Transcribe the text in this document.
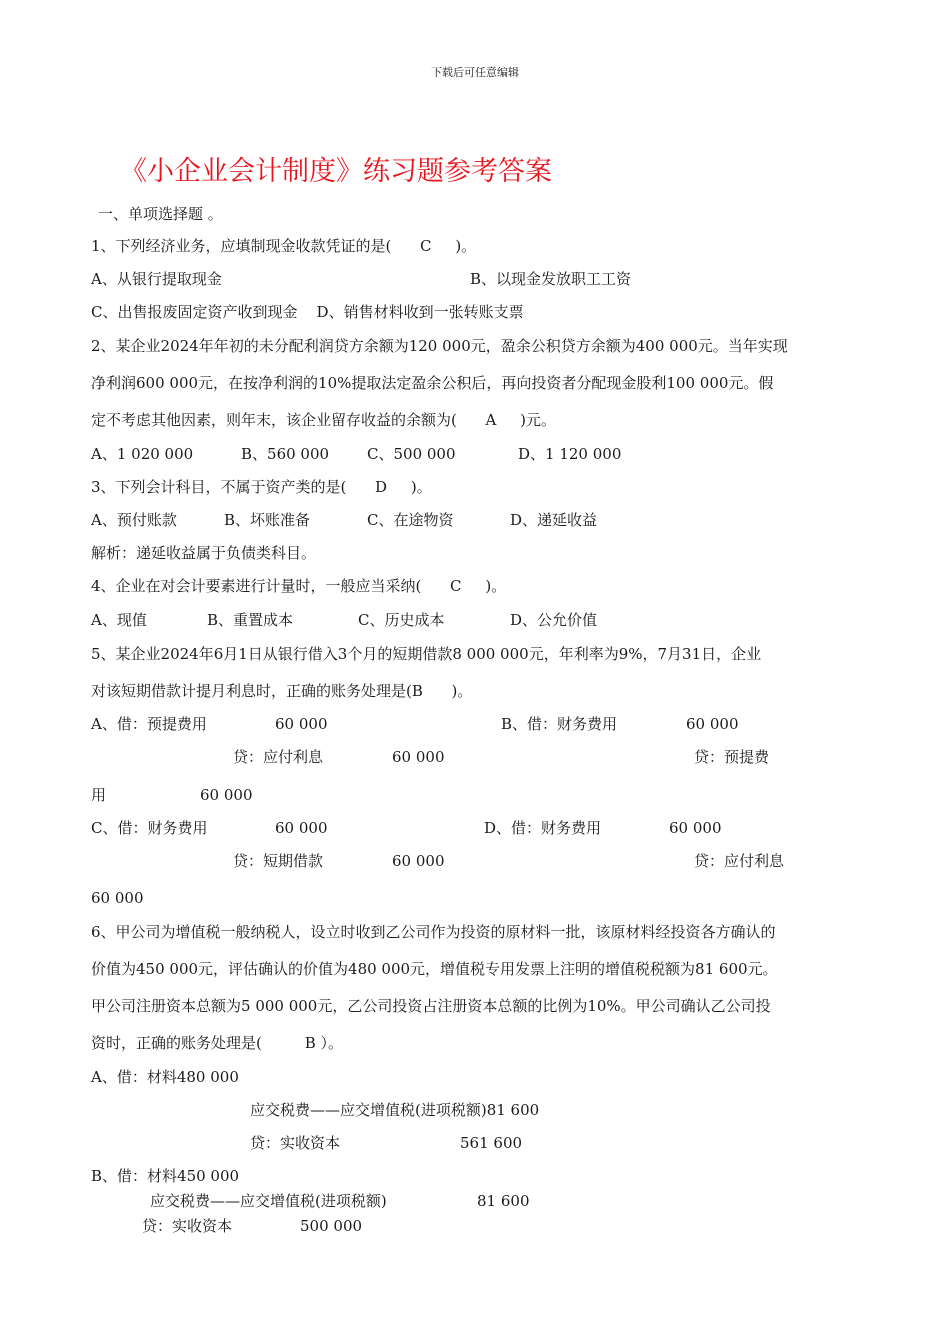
下载后可任意编辑
《小企业会计制度》练习题参考答案
一、单项选择题 。
1、下列经济业务，应填制现金收款凭证的是(      C     )。
A、从银行提取现金	B、以现金发放职工工资
C、出售报废固定资产收到现金    D、销售材料收到一张转账支票
2、某企业2024年年初的未分配利润贷方余额为120 000元，盈余公积贷方余额为400 000元。当年实现
净利润600 000元，在按净利润的10%提取法定盈余公积后，再向投资者分配现金股利100 000元。假
定不考虑其他因素，则年末，该企业留存收益的余额为(      A     )元。
A、1 020 000	B、560 000	C、500 000	D、1 120 000
3、下列会计科目，不属于资产类的是(      D     )。
A、预付账款	B、坏账准备	C、在途物资	D、递延收益
解析：递延收益属于负债类科目。
4、企业在对会计要素进行计量时，一般应当采纳(      C     )。
A、现值	B、重置成本	C、历史成本	D、公允价值
5、某企业2024年6月1日从银行借入3个月的短期借款8 000 000元，年利率为9%，7月31日，企业
对该短期借款计提月利息时，正确的账务处理是(B      )。
A、借：预提费用	60 000	B、借：财务费用	60 000
贷：应付利息	60 000	贷：预提费
用	60 000
C、借：财务费用	60 000	D、借：财务费用	60 000
贷：短期借款	60 000	贷：应付利息
60 000
6、甲公司为增值税一般纳税人，设立时收到乙公司作为投资的原材料一批，该原材料经投资各方确认的
价值为450 000元，评估确认的价值为480 000元，增值税专用发票上注明的增值税税额为81 600元。
甲公司注册资本总额为5 000 000元，乙公司投资占注册资本总额的比例为10%。甲公司确认乙公司投
资时，正确的账务处理是(         B ）。
A、借：材料480 000
应交税费——应交增值税(进项税额)81 600
贷：实收资本	561 600
B、借：材料450 000
应交税费——应交增值税(进项税额)	81 600
贷：实收资本	500 000
